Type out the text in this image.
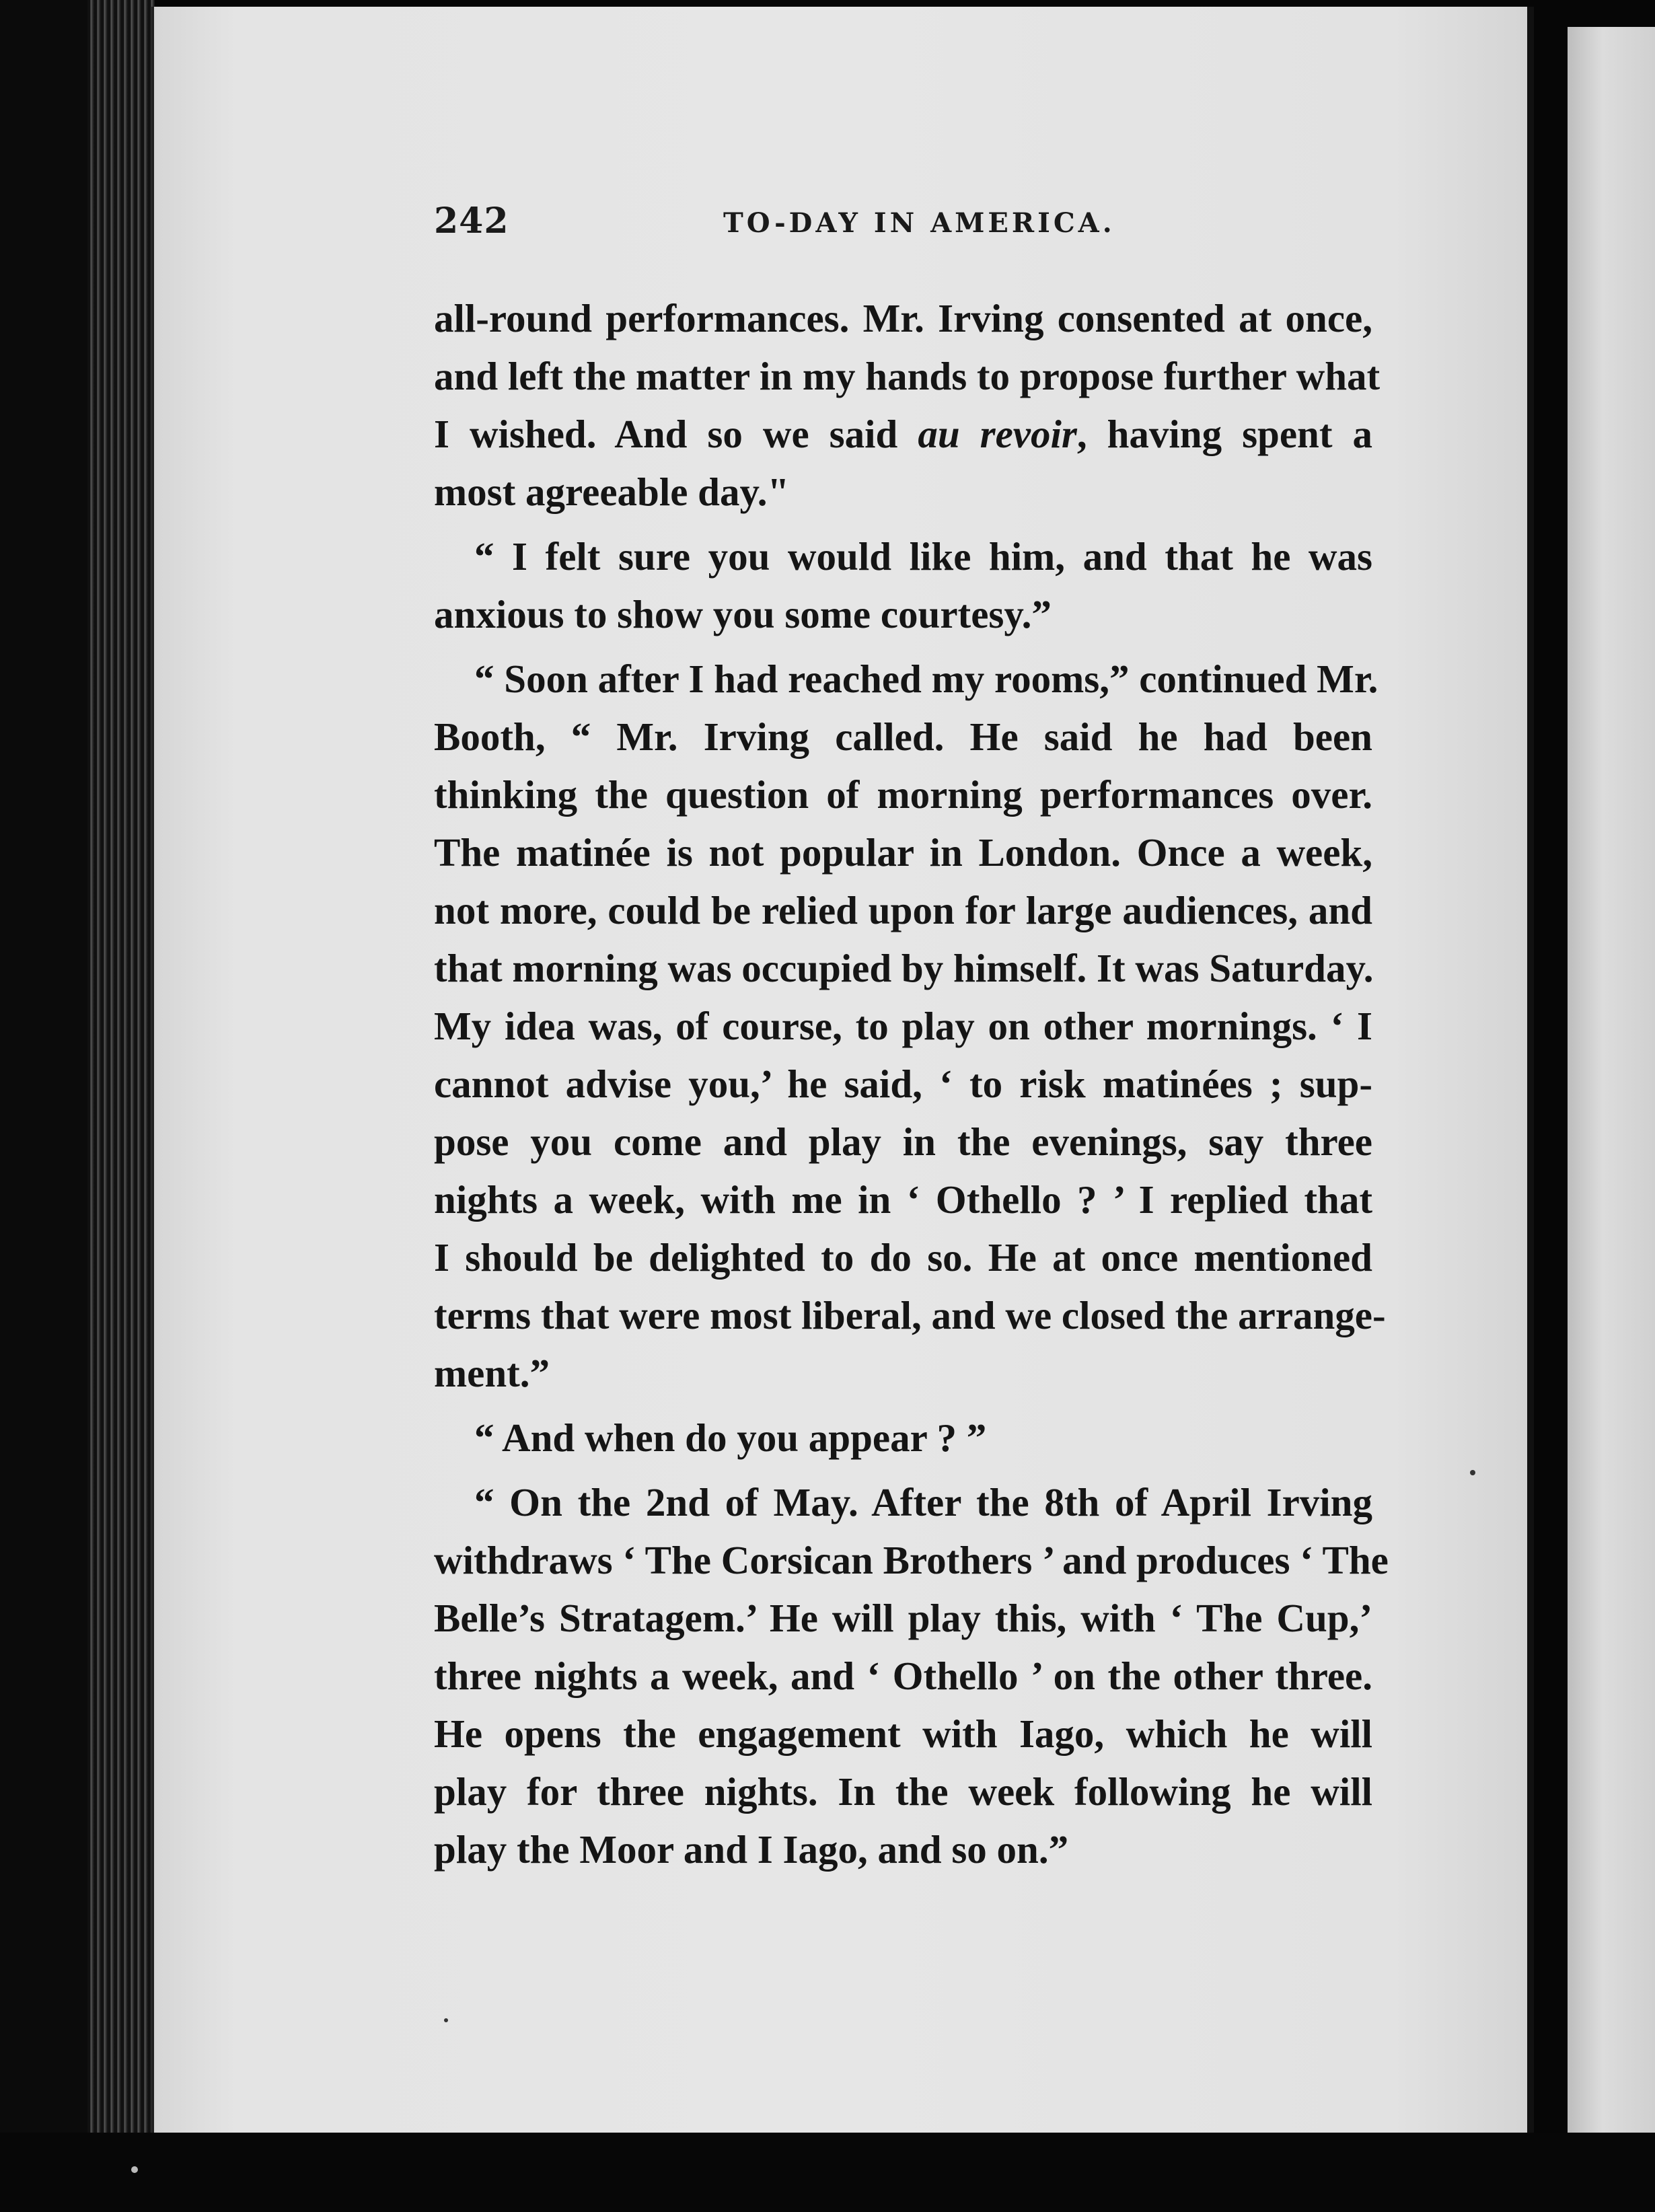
242	TO-DAY IN AMERICA.

all-round performances. Mr. Irving consented at once,
and left the matter in my hands to propose further what
I wished. And so we said au revoir, having spent a
most agreeable day."

“ I felt sure you would like him, and that he was
anxious to show you some courtesy.”

“ Soon after I had reached my rooms,” continued Mr.
Booth, “ Mr. Irving called. He said he had been
thinking the question of morning performances over.
The matinée is not popular in London. Once a week,
not more, could be relied upon for large audiences, and
that morning was occupied by himself. It was Saturday.
My idea was, of course, to play on other mornings. ‘ I
cannot advise you,’ he said, ‘ to risk matinées ; sup-
pose you come and play in the evenings, say three
nights a week, with me in ‘ Othello ? ’ I replied that
I should be delighted to do so. He at once mentioned
terms that were most liberal, and we closed the arrange-
ment.”

“ And when do you appear ? ”

“ On the 2nd of May. After the 8th of April Irving
withdraws ‘ The Corsican Brothers ’ and produces ‘ The
Belle’s Stratagem.’ He will play this, with ‘ The Cup,’
three nights a week, and ‘ Othello ’ on the other three.
He opens the engagement with Iago, which he will
play for three nights. In the week following he will
play the Moor and I Iago, and so on.”
